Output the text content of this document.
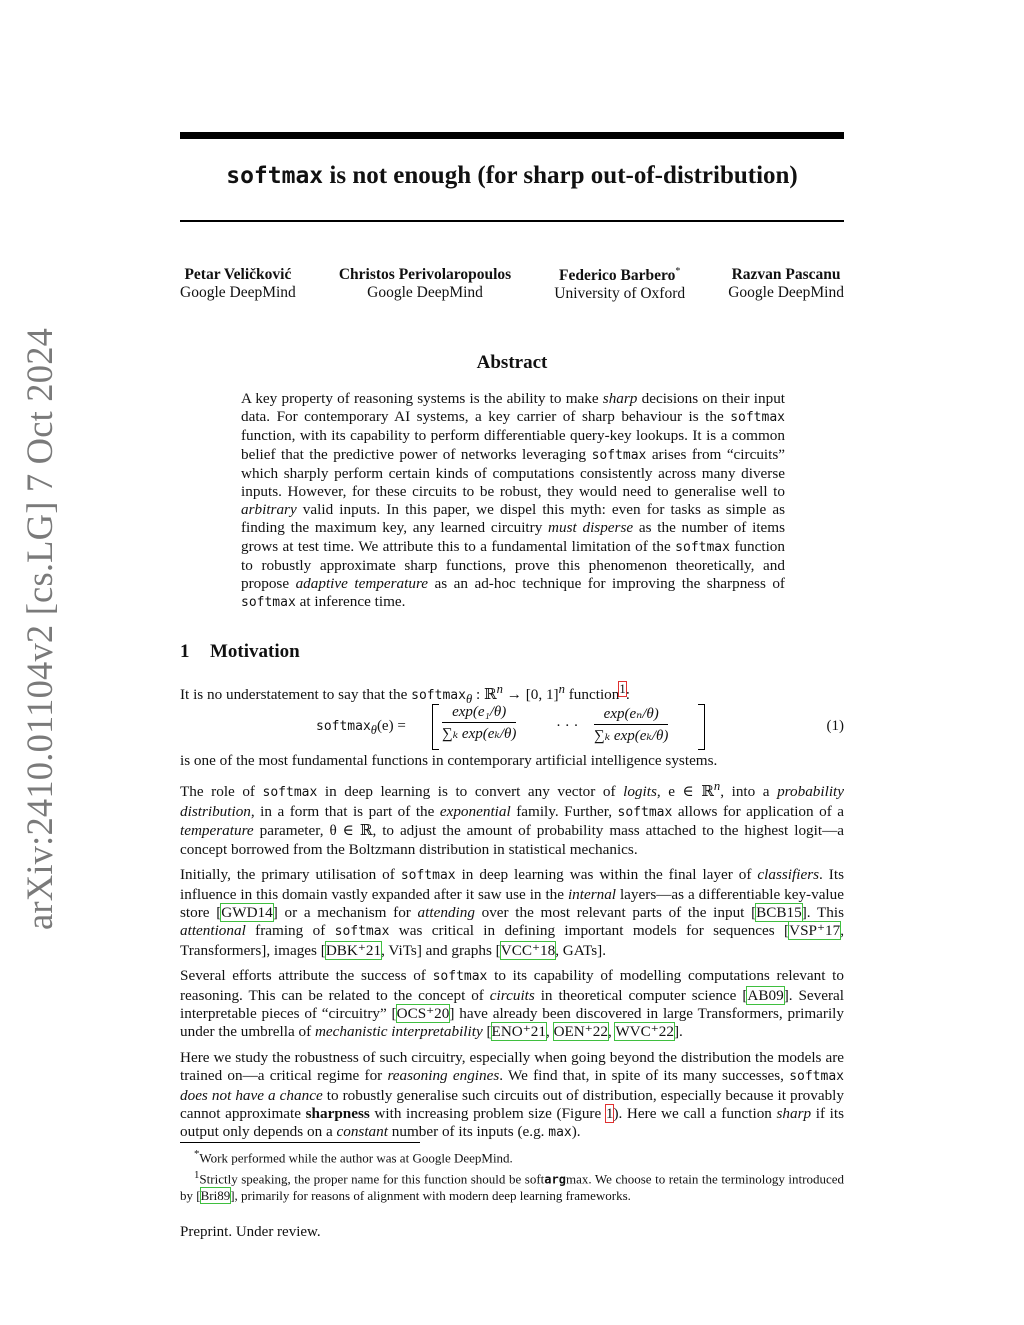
arXiv:2410.01104v2 [cs.LG] 7 Oct 2024
softmax is not enough (for sharp out-of-distribution)
Petar Veličković
Google DeepMind
Christos Perivolaropoulos
Google DeepMind
Federico Barbero*
University of Oxford
Razvan Pascanu
Google DeepMind
Abstract
A key property of reasoning systems is the ability to make sharp decisions on their input data. For contemporary AI systems, a key carrier of sharp behaviour is the softmax function, with its capability to perform differentiable query-key lookups. It is a common belief that the predictive power of networks leveraging softmax arises from “circuits” which sharply perform certain kinds of computations consistently across many diverse inputs. However, for these circuits to be robust, they would need to generalise well to arbitrary valid inputs. In this paper, we dispel this myth: even for tasks as simple as finding the maximum key, any learned circuitry must disperse as the number of items grows at test time. We attribute this to a fundamental limitation of the softmax function to robustly approximate sharp functions, prove this phenomenon theoretically, and propose adaptive temperature as an ad-hoc technique for improving the sharpness of softmax at inference time.
1 Motivation
It is no understatement to say that the softmax$_\theta$ : ℝ$^n$ → [0, 1]$^n$ function$^1$:
softmax$_\theta$(e) = $\frac{\text{exp(e₁/θ)}}{\text{∑ₖ exp(eₖ/θ)}}$	· · · $\frac{\text{exp(eₙ/θ)}}{\text{∑ₖ exp(eₖ/θ)}}$	(1)

is one of the most fundamental functions in contemporary artificial intelligence systems.

The role of softmax in deep learning is to convert any vector of logits, e ∈ ℝ$^n$, into a probability distribution, in a form that is part of the exponential family. Further, softmax allows for application of a temperature parameter, θ ∈ ℝ, to adjust the amount of probability mass attached to the highest logit—a concept borrowed from the Boltzmann distribution in statistical mechanics.

Initially, the primary utilisation of softmax in deep learning was within the final layer of classifiers. Its influence in this domain vastly expanded after it saw use in the internal layers—as a differentiable key-value store [GWD14] or a mechanism for attending over the most relevant parts of the input [BCB15]. This attentional framing of softmax was critical in defining important models for sequences [VSP⁺17, Transformers], images [DBK⁺21, ViTs] and graphs [VCC⁺18, GATs].

Several efforts attribute the success of softmax to its capability of modelling computations relevant to reasoning. This can be related to the concept of circuits in theoretical computer science [AB09]. Several interpretable pieces of “circuitry” [OCS⁺20] have already been discovered in large Transformers, primarily under the umbrella of mechanistic interpretability [ENO⁺21, OEN⁺22, WVC⁺22].

Here we study the robustness of such circuitry, especially when going beyond the distribution the models are trained on—a critical regime for reasoning engines. We find that, in spite of its many successes, softmax does not have a chance to robustly generalise such circuits out of distribution, especially because it provably cannot approximate sharpness with increasing problem size (Figure 1). Here we call a function sharp if its output only depends on a constant number of its inputs (e.g. max).

*Work performed while the author was at Google DeepMind.

$^1$Strictly speaking, the proper name for this function should be softargmax. We choose to retain the terminology introduced by [Bri89], primarily for reasons of alignment with modern deep learning frameworks.

Preprint. Under review.
